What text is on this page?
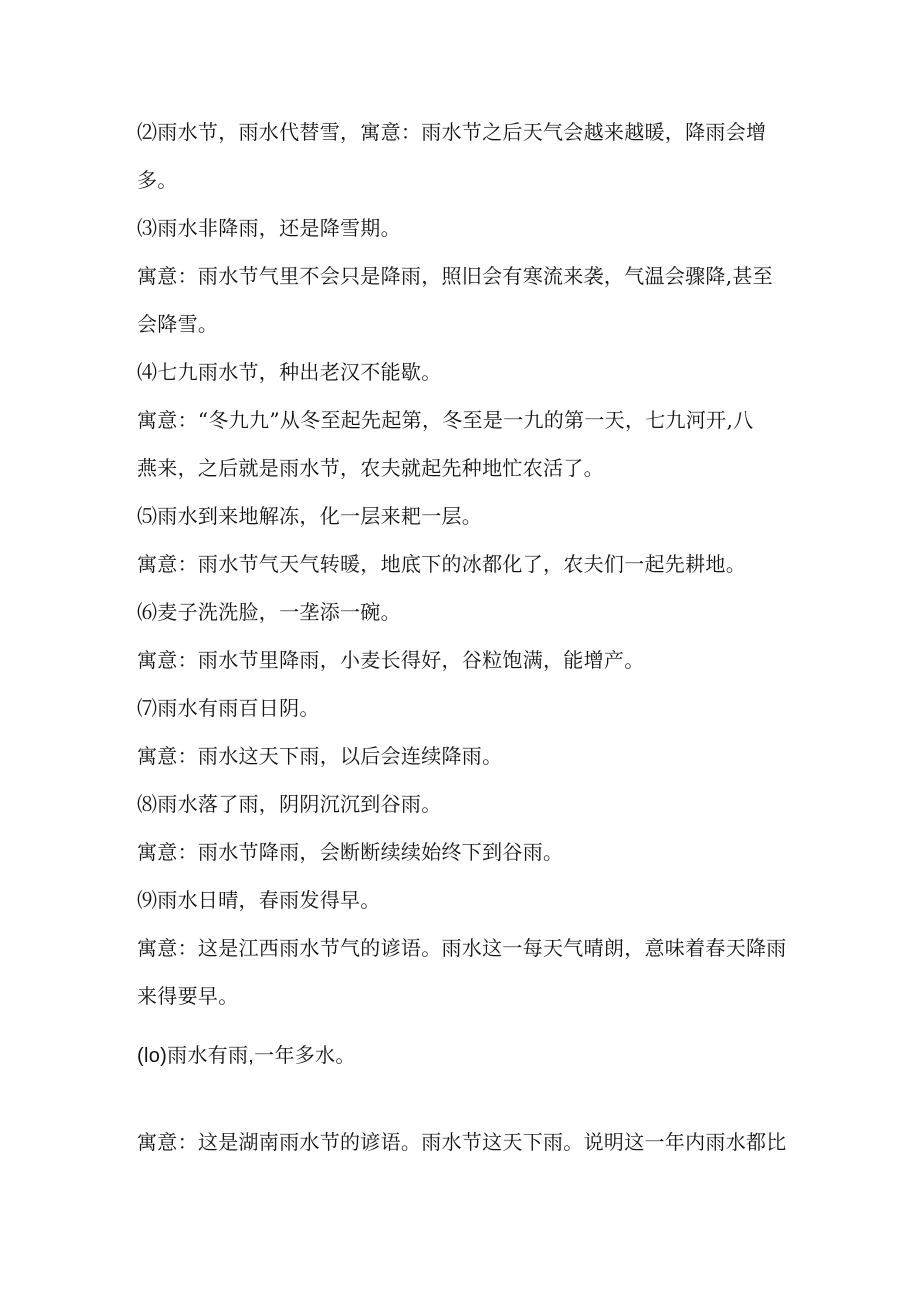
⑵雨水节，雨水代替雪，寓意：雨水节之后天气会越来越暖，降雨会增
多。
⑶雨水非降雨，还是降雪期。
寓意：雨水节气里不会只是降雨，照旧会有寒流来袭，气温会骤降,甚至
会降雪。
⑷七九雨水节，种出老汉不能歇。
寓意：“冬九九”从冬至起先起第，冬至是一九的第一天，七九河开,八
燕来，之后就是雨水节，农夫就起先种地忙农活了。
⑸雨水到来地解冻，化一层来耙一层。
寓意：雨水节气天气转暖，地底下的冰都化了，农夫们一起先耕地。
⑹麦子洗洗脸，一垄添一碗。
寓意：雨水节里降雨，小麦长得好，谷粒饱满，能增产。
⑺雨水有雨百日阴。
寓意：雨水这天下雨，以后会连续降雨。
⑻雨水落了雨，阴阴沉沉到谷雨。
寓意：雨水节降雨，会断断续续始终下到谷雨。
⑼雨水日晴，春雨发得早。
寓意：这是江西雨水节气的谚语。雨水这一每天气晴朗，意味着春天降雨
来得要早。
(lo)雨水有雨,一年多水。
寓意：这是湖南雨水节的谚语。雨水节这天下雨。说明这一年内雨水都比
